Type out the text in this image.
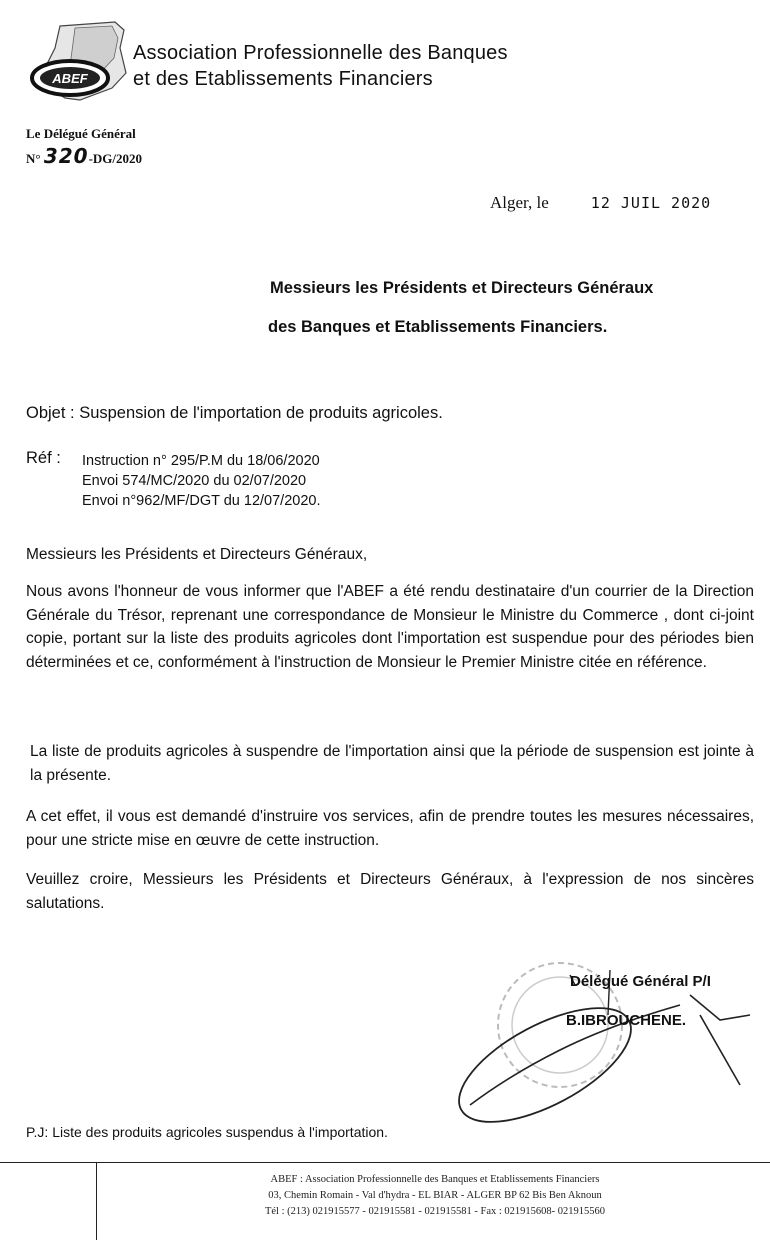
ABEF
Association Professionnelle des Banques
et des Etablissements Financiers
Le Délégué Général
N° 320-DG/2020
Alger, le	12 JUIL 2020
Messieurs les Présidents et Directeurs Généraux
des Banques et Etablissements Financiers.
Objet : Suspension de l'importation de produits agricoles.
Réf : Instruction n° 295/P.M du 18/06/2020
Envoi 574/MC/2020 du 02/07/2020
Envoi n°962/MF/DGT du 12/07/2020.
Messieurs les Présidents et Directeurs Généraux,
Nous avons l'honneur de vous informer que l'ABEF a été rendu destinataire d'un courrier de la Direction Générale du Trésor, reprenant une correspondance de Monsieur le Ministre du Commerce , dont ci-joint copie, portant sur la liste des produits agricoles dont l'importation est suspendue pour des périodes bien déterminées et ce, conformément à l'instruction de Monsieur le Premier Ministre citée en référence.
La liste de produits agricoles à suspendre de l'importation ainsi que la période de suspension est jointe à la présente.
A cet effet, il vous est demandé d'instruire vos services, afin de prendre toutes les mesures nécessaires, pour une stricte mise en œuvre de cette instruction.
Veuillez croire, Messieurs les Présidents et Directeurs Généraux, à l'expression de nos sincères salutations.
Délégué Général P/I
B.IBROUCHENE.
P.J: Liste des produits agricoles suspendus à l'importation.
ABEF : Association Professionnelle des Banques et Etablissements Financiers
03, Chemin Romain - Val d'hydra - EL BIAR - ALGER BP 62 Bis Ben Aknoun
Tél : (213) 021915577 - 021915581 - 021915581 - Fax : 021915608- 021915560
